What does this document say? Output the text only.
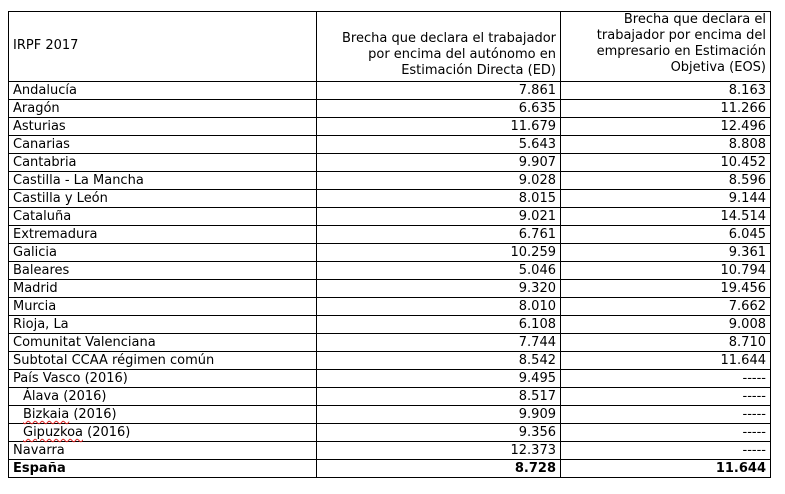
IRPF 2017	Brecha que declara el trabajador por encima del autónomo en Estimación Directa (ED)	Brecha que declara el trabajador por encima del empresario en Estimación Objetiva (EOS)
Andalucía	7.861	8.163
Aragón	6.635	11.266
Asturias	11.679	12.496
Canarias	5.643	8.808
Cantabria	9.907	10.452
Castilla - La Mancha	9.028	8.596
Castilla y León	8.015	9.144
Cataluña	9.021	14.514
Extremadura	6.761	6.045
Galicia	10.259	9.361
Baleares	5.046	10.794
Madrid	9.320	19.456
Murcia	8.010	7.662
Rioja, La	6.108	9.008
Comunitat Valenciana	7.744	8.710
Subtotal CCAA régimen común	8.542	11.644
País Vasco (2016)	9.495	-----
Álava (2016)	8.517	-----
Bizkaia (2016)	9.909	-----
Gipuzkoa (2016)	9.356	-----
Navarra	12.373	-----
España	8.728	11.644
